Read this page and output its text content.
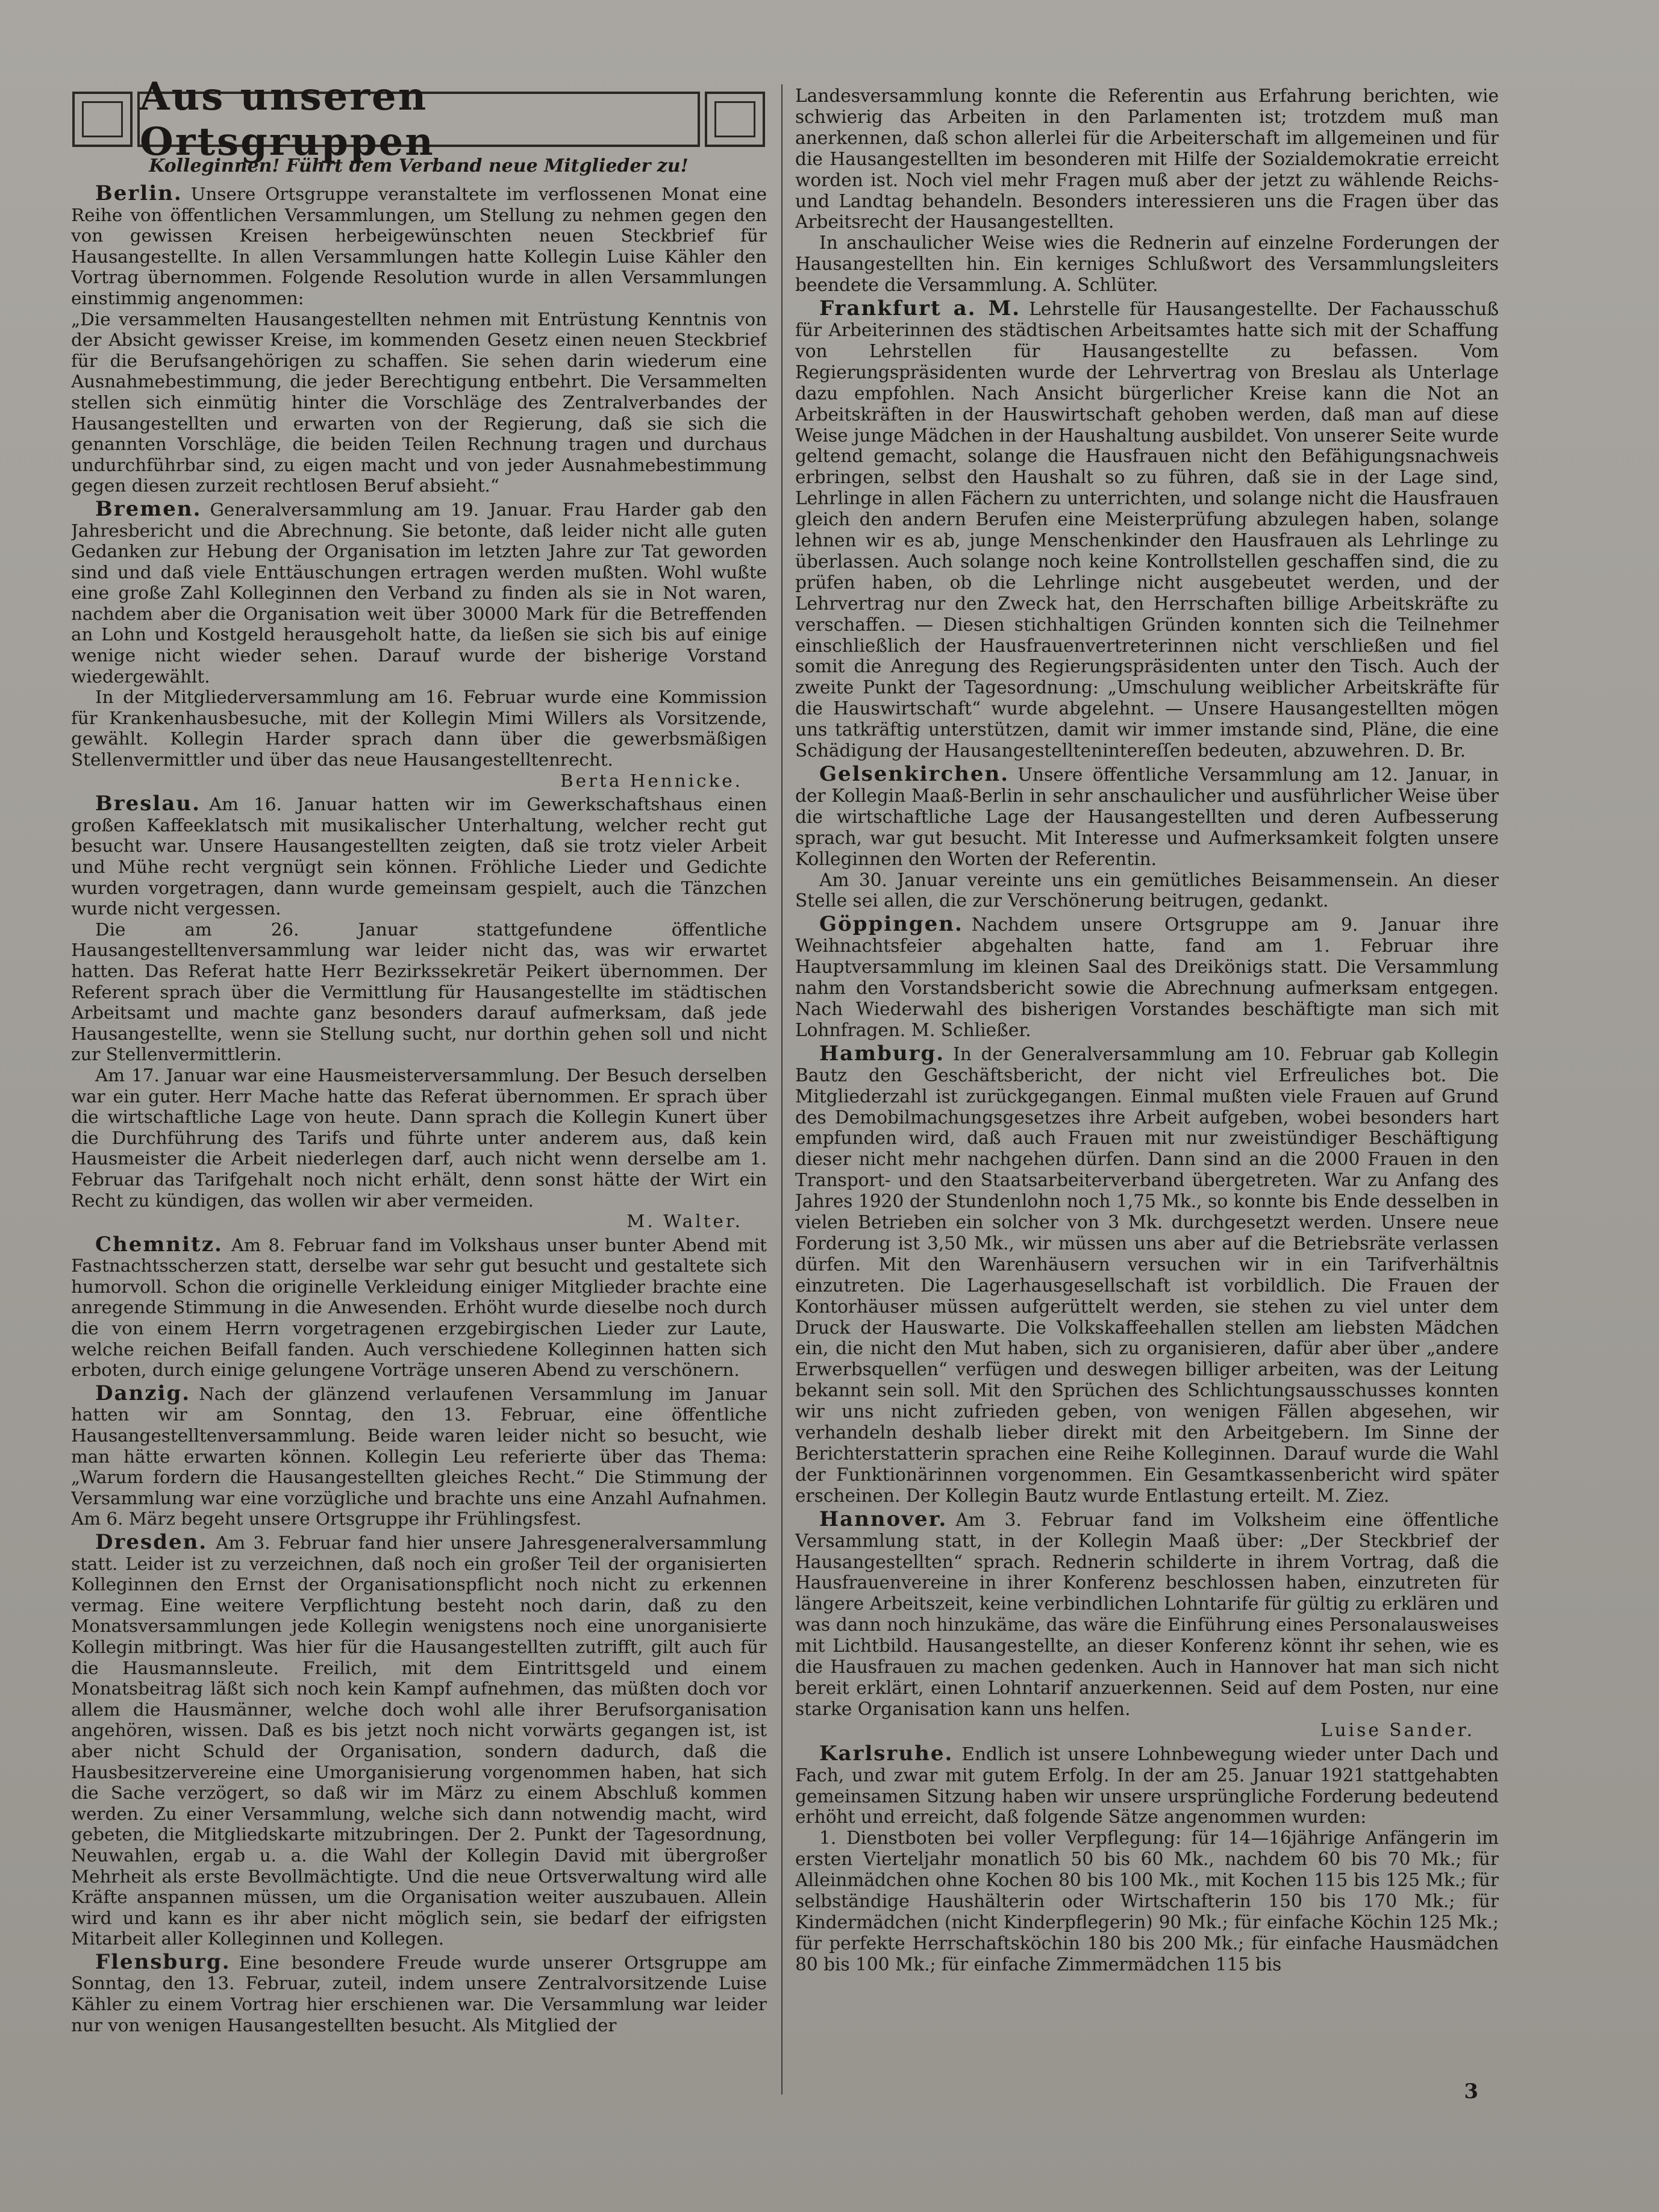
Aus unseren Ortsgruppen
Kolleginnen! Führt dem Verband neue Mitglieder zu!

Berlin. Unsere Ortsgruppe veranstaltete im verflossenen Monat eine Reihe von öffentlichen Versammlungen, um Stellung zu nehmen gegen den von gewissen Kreisen herbeigewünschten neuen Steckbrief für Hausangestellte. In allen Versammlungen hatte Kollegin Luise Kähler den Vortrag übernommen. Folgende Resolution wurde in allen Versammlungen einstimmig angenommen:

„Die versammelten Hausangestellten nehmen mit Entrüstung Kenntnis von der Absicht gewisser Kreise, im kommenden Gesetz einen neuen Steckbrief für die Berufsangehörigen zu schaffen. Sie sehen darin wiederum eine Ausnahmebestimmung, die jeder Berechtigung entbehrt. Die Versammelten stellen sich einmütig hinter die Vorschläge des Zentralverbandes der Hausangestellten und erwarten von der Regierung, daß sie sich die genannten Vorschläge, die beiden Teilen Rechnung tragen und durchaus undurchführbar sind, zu eigen macht und von jeder Ausnahmebestimmung gegen diesen zurzeit rechtlosen Beruf absieht.“

Bremen. Generalversammlung am 19. Januar. Frau Harder gab den Jahresbericht und die Abrechnung. Sie betonte, daß leider nicht alle guten Gedanken zur Hebung der Organisation im letzten Jahre zur Tat geworden sind und daß viele Enttäuschungen ertragen werden mußten. Wohl wußte eine große Zahl Kolleginnen den Verband zu finden als sie in Not waren, nachdem aber die Organisation weit über 30000 Mark für die Betreffenden an Lohn und Kostgeld herausgeholt hatte, da ließen sie sich bis auf einige wenige nicht wieder sehen. Darauf wurde der bisherige Vorstand wiedergewählt.

In der Mitgliederversammlung am 16. Februar wurde eine Kommission für Krankenhausbesuche, mit der Kollegin Mimi Willers als Vorsitzende, gewählt. Kollegin Harder sprach dann über die gewerbsmäßigen Stellenvermittler und über das neue Hausangestelltenrecht.

Berta Hennicke.

Breslau. Am 16. Januar hatten wir im Gewerkschaftshaus einen großen Kaffeeklatsch mit musikalischer Unterhaltung, welcher recht gut besucht war. Unsere Hausangestellten zeigten, daß sie trotz vieler Arbeit und Mühe recht vergnügt sein können. Fröhliche Lieder und Gedichte wurden vorgetragen, dann wurde gemeinsam gespielt, auch die Tänzchen wurde nicht vergessen.

Die am 26. Januar stattgefundene öffentliche Hausangestelltenversammlung war leider nicht das, was wir erwartet hatten. Das Referat hatte Herr Bezirkssekretär Peikert übernommen. Der Referent sprach über die Vermittlung für Hausangestellte im städtischen Arbeitsamt und machte ganz besonders darauf aufmerksam, daß jede Hausangestellte, wenn sie Stellung sucht, nur dorthin gehen soll und nicht zur Stellenvermittlerin.

Am 17. Januar war eine Hausmeisterversammlung. Der Besuch derselben war ein guter. Herr Mache hatte das Referat übernommen. Er sprach über die wirtschaftliche Lage von heute. Dann sprach die Kollegin Kunert über die Durchführung des Tarifs und führte unter anderem aus, daß kein Hausmeister die Arbeit niederlegen darf, auch nicht wenn derselbe am 1. Februar das Tarifgehalt noch nicht erhält, denn sonst hätte der Wirt ein Recht zu kündigen, das wollen wir aber vermeiden.

M. Walter.

Chemnitz. Am 8. Februar fand im Volkshaus unser bunter Abend mit Fastnachtsscherzen statt, derselbe war sehr gut besucht und gestaltete sich humorvoll. Schon die originelle Verkleidung einiger Mitglieder brachte eine anregende Stimmung in die Anwesenden. Erhöht wurde dieselbe noch durch die von einem Herrn vorgetragenen erzgebirgischen Lieder zur Laute, welche reichen Beifall fanden. Auch verschiedene Kolleginnen hatten sich erboten, durch einige gelungene Vorträge unseren Abend zu verschönern.

Danzig. Nach der glänzend verlaufenen Versammlung im Januar hatten wir am Sonntag, den 13. Februar, eine öffentliche Hausangestelltenversammlung. Beide waren leider nicht so besucht, wie man hätte erwarten können. Kollegin Leu referierte über das Thema: „Warum fordern die Hausangestellten gleiches Recht.“ Die Stimmung der Versammlung war eine vorzügliche und brachte uns eine Anzahl Aufnahmen. Am 6. März begeht unsere Ortsgruppe ihr Frühlingsfest.

Dresden. Am 3. Februar fand hier unsere Jahresgeneralversammlung statt. Leider ist zu verzeichnen, daß noch ein großer Teil der organisierten Kolleginnen den Ernst der Organisationspflicht noch nicht zu erkennen vermag. Eine weitere Verpflichtung besteht noch darin, daß zu den Monatsversammlungen jede Kollegin wenigstens noch eine unorganisierte Kollegin mitbringt. Was hier für die Hausangestellten zutrifft, gilt auch für die Hausmannsleute. Freilich, mit dem Eintrittsgeld und einem Monatsbeitrag läßt sich noch kein Kampf aufnehmen, das müßten doch vor allem die Hausmänner, welche doch wohl alle ihrer Berufsorganisation angehören, wissen. Daß es bis jetzt noch nicht vorwärts gegangen ist, ist aber nicht Schuld der Organisation, sondern dadurch, daß die Hausbesitzervereine eine Umorganisierung vorgenommen haben, hat sich die Sache verzögert, so daß wir im März zu einem Abschluß kommen werden. Zu einer Versammlung, welche sich dann notwendig macht, wird gebeten, die Mitgliedskarte mitzubringen. Der 2. Punkt der Tagesordnung, Neuwahlen, ergab u. a. die Wahl der Kollegin David mit übergroßer Mehrheit als erste Bevollmächtigte. Und die neue Ortsverwaltung wird alle Kräfte anspannen müssen, um die Organisation weiter auszubauen. Allein wird und kann es ihr aber nicht möglich sein, sie bedarf der eifrigsten Mitarbeit aller Kolleginnen und Kollegen.

Flensburg. Eine besondere Freude wurde unserer Ortsgruppe am Sonntag, den 13. Februar, zuteil, indem unsere Zentralvorsitzende Luise Kähler zu einem Vortrag hier erschienen war. Die Versammlung war leider nur von wenigen Hausangestellten besucht. Als Mitglied der

Landesversammlung konnte die Referentin aus Erfahrung berichten, wie schwierig das Arbeiten in den Parlamenten ist; trotzdem muß man anerkennen, daß schon allerlei für die Arbeiterschaft im allgemeinen und für die Hausangestellten im besonderen mit Hilfe der Sozialdemokratie erreicht worden ist. Noch viel mehr Fragen muß aber der jetzt zu wählende Reichs- und Landtag behandeln. Besonders interessieren uns die Fragen über das Arbeitsrecht der Hausangestellten.

In anschaulicher Weise wies die Rednerin auf einzelne Forderungen der Hausangestellten hin. Ein kerniges Schlußwort des Versammlungsleiters beendete die Versammlung. A. Schlüter.

Frankfurt a. M. Lehrstelle für Hausangestellte. Der Fachausschuß für Arbeiterinnen des städtischen Arbeitsamtes hatte sich mit der Schaffung von Lehrstellen für Hausangestellte zu befassen. Vom Regierungspräsidenten wurde der Lehrvertrag von Breslau als Unterlage dazu empfohlen. Nach Ansicht bürgerlicher Kreise kann die Not an Arbeitskräften in der Hauswirtschaft gehoben werden, daß man auf diese Weise junge Mädchen in der Haushaltung ausbildet. Von unserer Seite wurde geltend gemacht, solange die Hausfrauen nicht den Befähigungsnachweis erbringen, selbst den Haushalt so zu führen, daß sie in der Lage sind, Lehrlinge in allen Fächern zu unterrichten, und solange nicht die Hausfrauen gleich den andern Berufen eine Meisterprüfung abzulegen haben, solange lehnen wir es ab, junge Menschenkinder den Hausfrauen als Lehrlinge zu überlassen. Auch solange noch keine Kontrollstellen geschaffen sind, die zu prüfen haben, ob die Lehrlinge nicht ausgebeutet werden, und der Lehrvertrag nur den Zweck hat, den Herrschaften billige Arbeitskräfte zu verschaffen. — Diesen stichhaltigen Gründen konnten sich die Teilnehmer einschließlich der Hausfrauenvertreterinnen nicht verschließen und fiel somit die Anregung des Regierungspräsidenten unter den Tisch. Auch der zweite Punkt der Tagesordnung: „Umschulung weiblicher Arbeitskräfte für die Hauswirtschaft“ wurde abgelehnt. — Unsere Hausangestellten mögen uns tatkräftig unterstützen, damit wir immer imstande sind, Pläne, die eine Schädigung der Hausangestelltenintereſſen bedeuten, abzuwehren. D. Br.

Gelsenkirchen. Unsere öffentliche Versammlung am 12. Januar, in der Kollegin Maaß-Berlin in sehr anschaulicher und ausführlicher Weise über die wirtschaftliche Lage der Hausangestellten und deren Aufbesserung sprach, war gut besucht. Mit Interesse und Aufmerksamkeit folgten unsere Kolleginnen den Worten der Referentin.

Am 30. Januar vereinte uns ein gemütliches Beisammensein. An dieser Stelle sei allen, die zur Verschönerung beitrugen, gedankt.

Göppingen. Nachdem unsere Ortsgruppe am 9. Januar ihre Weihnachtsfeier abgehalten hatte, fand am 1. Februar ihre Hauptversammlung im kleinen Saal des Dreikönigs statt. Die Versammlung nahm den Vorstandsbericht sowie die Abrechnung aufmerksam entgegen. Nach Wiederwahl des bisherigen Vorstandes beschäftigte man sich mit Lohnfragen. M. Schließer.

Hamburg. In der Generalversammlung am 10. Februar gab Kollegin Bautz den Geschäftsbericht, der nicht viel Erfreuliches bot. Die Mitgliederzahl ist zurückgegangen. Einmal mußten viele Frauen auf Grund des Demobilmachungsgesetzes ihre Arbeit aufgeben, wobei besonders hart empfunden wird, daß auch Frauen mit nur zweistündiger Beschäftigung dieser nicht mehr nachgehen dürfen. Dann sind an die 2000 Frauen in den Transport- und den Staatsarbeiterverband übergetreten. War zu Anfang des Jahres 1920 der Stundenlohn noch 1,75 Mk., so konnte bis Ende desselben in vielen Betrieben ein solcher von 3 Mk. durchgesetzt werden. Unsere neue Forderung ist 3,50 Mk., wir müssen uns aber auf die Betriebsräte verlassen dürfen. Mit den Warenhäusern versuchen wir in ein Tarifverhältnis einzutreten. Die Lagerhausgesellschaft ist vorbildlich. Die Frauen der Kontorhäuser müssen aufgerüttelt werden, sie stehen zu viel unter dem Druck der Hauswarte. Die Volkskaffeehallen stellen am liebsten Mädchen ein, die nicht den Mut haben, sich zu organisieren, dafür aber über „andere Erwerbsquellen“ verfügen und deswegen billiger arbeiten, was der Leitung bekannt sein soll. Mit den Sprüchen des Schlichtungsausschusses konnten wir uns nicht zufrieden geben, von wenigen Fällen abgesehen, wir verhandeln deshalb lieber direkt mit den Arbeitgebern. Im Sinne der Berichterstatterin sprachen eine Reihe Kolleginnen. Darauf wurde die Wahl der Funktionärinnen vorgenommen. Ein Gesamtkassenbericht wird später erscheinen. Der Kollegin Bautz wurde Entlastung erteilt. M. Ziez.

Hannover. Am 3. Februar fand im Volksheim eine öffentliche Versammlung statt, in der Kollegin Maaß über: „Der Steckbrief der Hausangestellten“ sprach. Rednerin schilderte in ihrem Vortrag, daß die Hausfrauenvereine in ihrer Konferenz beschlossen haben, einzutreten für längere Arbeitszeit, keine verbindlichen Lohntarife für gültig zu erklären und was dann noch hinzukäme, das wäre die Einführung eines Personalausweises mit Lichtbild. Hausangestellte, an dieser Konferenz könnt ihr sehen, wie es die Hausfrauen zu machen gedenken. Auch in Hannover hat man sich nicht bereit erklärt, einen Lohntarif anzuerkennen. Seid auf dem Posten, nur eine starke Organisation kann uns helfen.

Luise Sander.

Karlsruhe. Endlich ist unsere Lohnbewegung wieder unter Dach und Fach, und zwar mit gutem Erfolg. In der am 25. Januar 1921 stattgehabten gemeinsamen Sitzung haben wir unsere ursprüngliche Forderung bedeutend erhöht und erreicht, daß folgende Sätze angenommen wurden:

1. Dienstboten bei voller Verpflegung: für 14—16jährige Anfängerin im ersten Vierteljahr monatlich 50 bis 60 Mk., nachdem 60 bis 70 Mk.; für Alleinmädchen ohne Kochen 80 bis 100 Mk., mit Kochen 115 bis 125 Mk.; für selbständige Haushälterin oder Wirtschafterin 150 bis 170 Mk.; für Kindermädchen (nicht Kinderpflegerin) 90 Mk.; für einfache Köchin 125 Mk.; für perfekte Herrschaftsköchin 180 bis 200 Mk.; für einfache Hausmädchen 80 bis 100 Mk.; für einfache Zimmermädchen 115 bis

3
